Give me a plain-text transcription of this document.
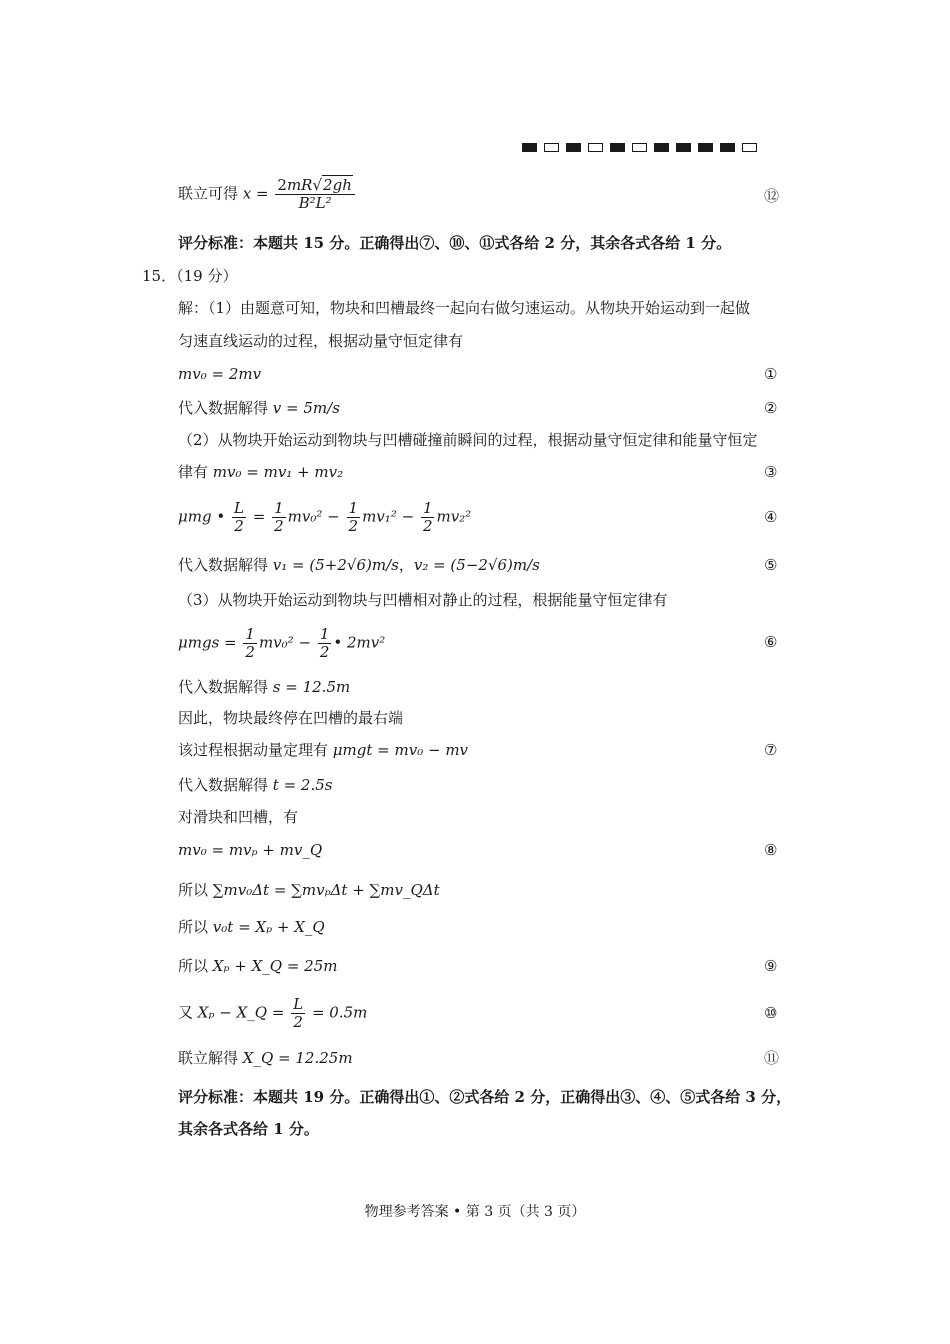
联立可得 $x = \frac{2mR√2gh}{\text{B²L²}}$	⑫
评分标准：本题共 15 分。正确得出⑦、⑩、⑪式各给 2 分，其余各式各给 1 分。
15．（19 分）
解：（1）由题意可知，物块和凹槽最终一起向右做匀速运动。从物块开始运动到一起做
匀速直线运动的过程，根据动量守恒定律有
mv₀ = 2mv	①
代入数据解得 v = 5m/s	②
（2）从物块开始运动到物块与凹槽碰撞前瞬间的过程，根据动量守恒定律和能量守恒定
律有 mv₀ = mv₁ + mv₂	③
μmg • $\frac{L}{2} = \frac{1}{2} mv_0^2 - \frac{1}{2} mv_1^2 - \frac{1}{2} mv_2^2$	④
代入数据解得 v₁ = (5+2√6)m/s，v₂ = (5−2√6)m/s	⑤
（3）从物块开始运动到物块与凹槽相对静止的过程，根据能量守恒定律有
$\mu mgs = \frac{1}{2} mv_0^2 - \frac{1}{2}$ • 2mv²	⑥
代入数据解得 s = 12.5m
因此，物块最终停在凹槽的最右端
该过程根据动量定理有 μmgt = mv₀ − mv	⑦
代入数据解得 t = 2.5s
对滑块和凹槽，有
mv₀ = mvₚ + mv_Q	⑧
所以 ∑mv₀Δt = ∑mvₚΔt + ∑mv_QΔt
所以 v₀t = Xₚ + X_Q
所以 Xₚ + X_Q = 25m	⑨
又 Xₚ − X_Q = $\frac{L}{2} = 0.5m$	⑩
联立解得 X_Q = 12.25m	⑪
评分标准：本题共 19 分。正确得出①、②式各给 2 分，正确得出③、④、⑤式各给 3 分，
其余各式各给 1 分。
物理参考答案 • 第 3 页（共 3 页）
